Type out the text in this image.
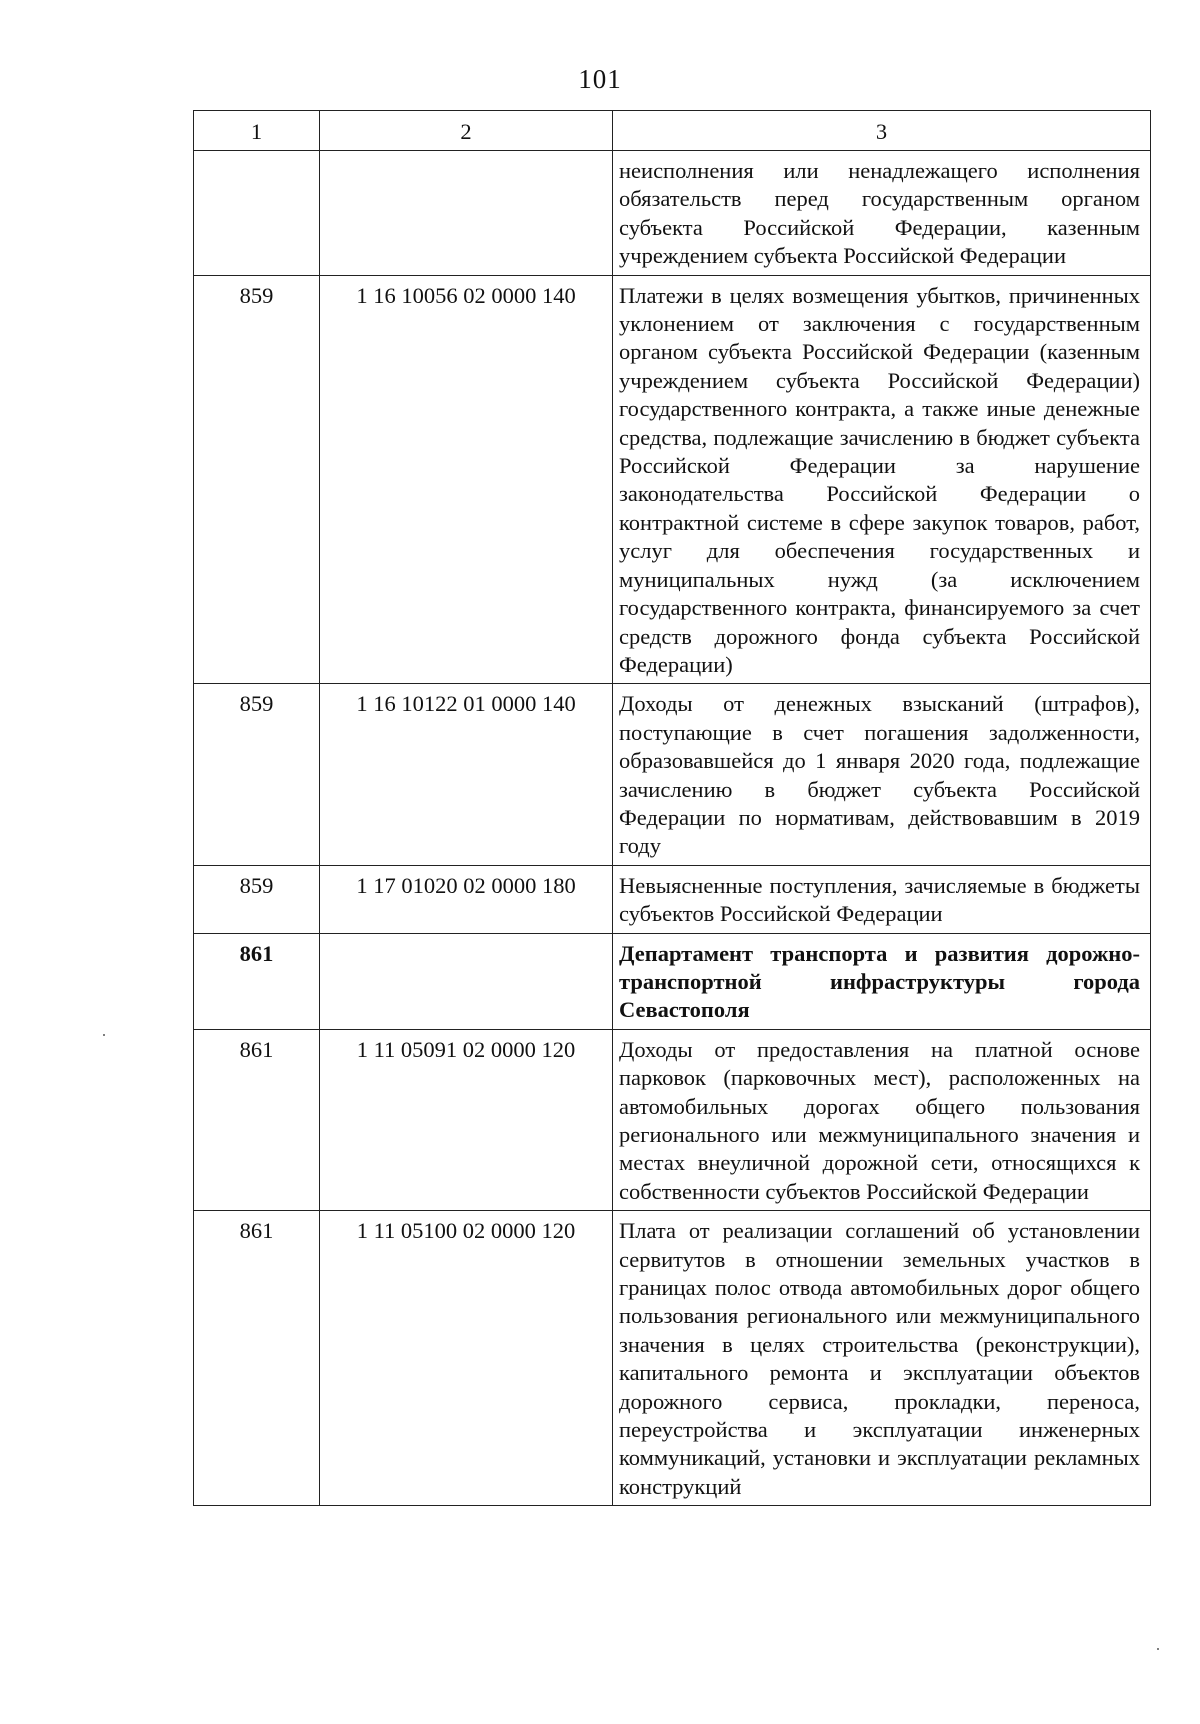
101
1	2	3
		неисполнения или ненадлежащего исполнения обязательств перед государственным органом субъекта Российской Федерации, казенным учреждением субъекта Российской Федерации
859	1 16 10056 02 0000 140	Платежи в целях возмещения убытков, причиненных уклонением от заключения с государственным органом субъекта Российской Федерации (казенным учреждением субъекта Российской Федерации) государственного контракта, а также иные денежные средства, подлежащие зачислению в бюджет субъекта Российской Федерации за нарушение законодательства Российской Федерации о контрактной системе в сфере закупок товаров, работ, услуг для обеспечения государственных и муниципальных нужд (за исключением государственного контракта, финансируемого за счет средств дорожного фонда субъекта Российской Федерации)
859	1 16 10122 01 0000 140	Доходы от денежных взысканий (штрафов), поступающие в счет погашения задолженности, образовавшейся до 1 января 2020 года, подлежащие зачислению в бюджет субъекта Российской Федерации по нормативам, действовавшим в 2019 году
859	1 17 01020 02 0000 180	Невыясненные поступления, зачисляемые в бюджеты субъектов Российской Федерации
861		Департамент транспорта и развития дорожно-транспортной инфраструктуры города Севастополя
861	1 11 05091 02 0000 120	Доходы от предоставления на платной основе парковок (парковочных мест), расположенных на автомобильных дорогах общего пользования регионального или межмуниципального значения и местах внеуличной дорожной сети, относящихся к собственности субъектов Российской Федерации
861	1 11 05100 02 0000 120	Плата от реализации соглашений об установлении сервитутов в отношении земельных участков в границах полос отвода автомобильных дорог общего пользования регионального или межмуниципального значения в целях строительства (реконструкции), капитального ремонта и эксплуатации объектов дорожного сервиса, прокладки, переноса, переустройства и эксплуатации инженерных коммуникаций, установки и эксплуатации рекламных конструкций
